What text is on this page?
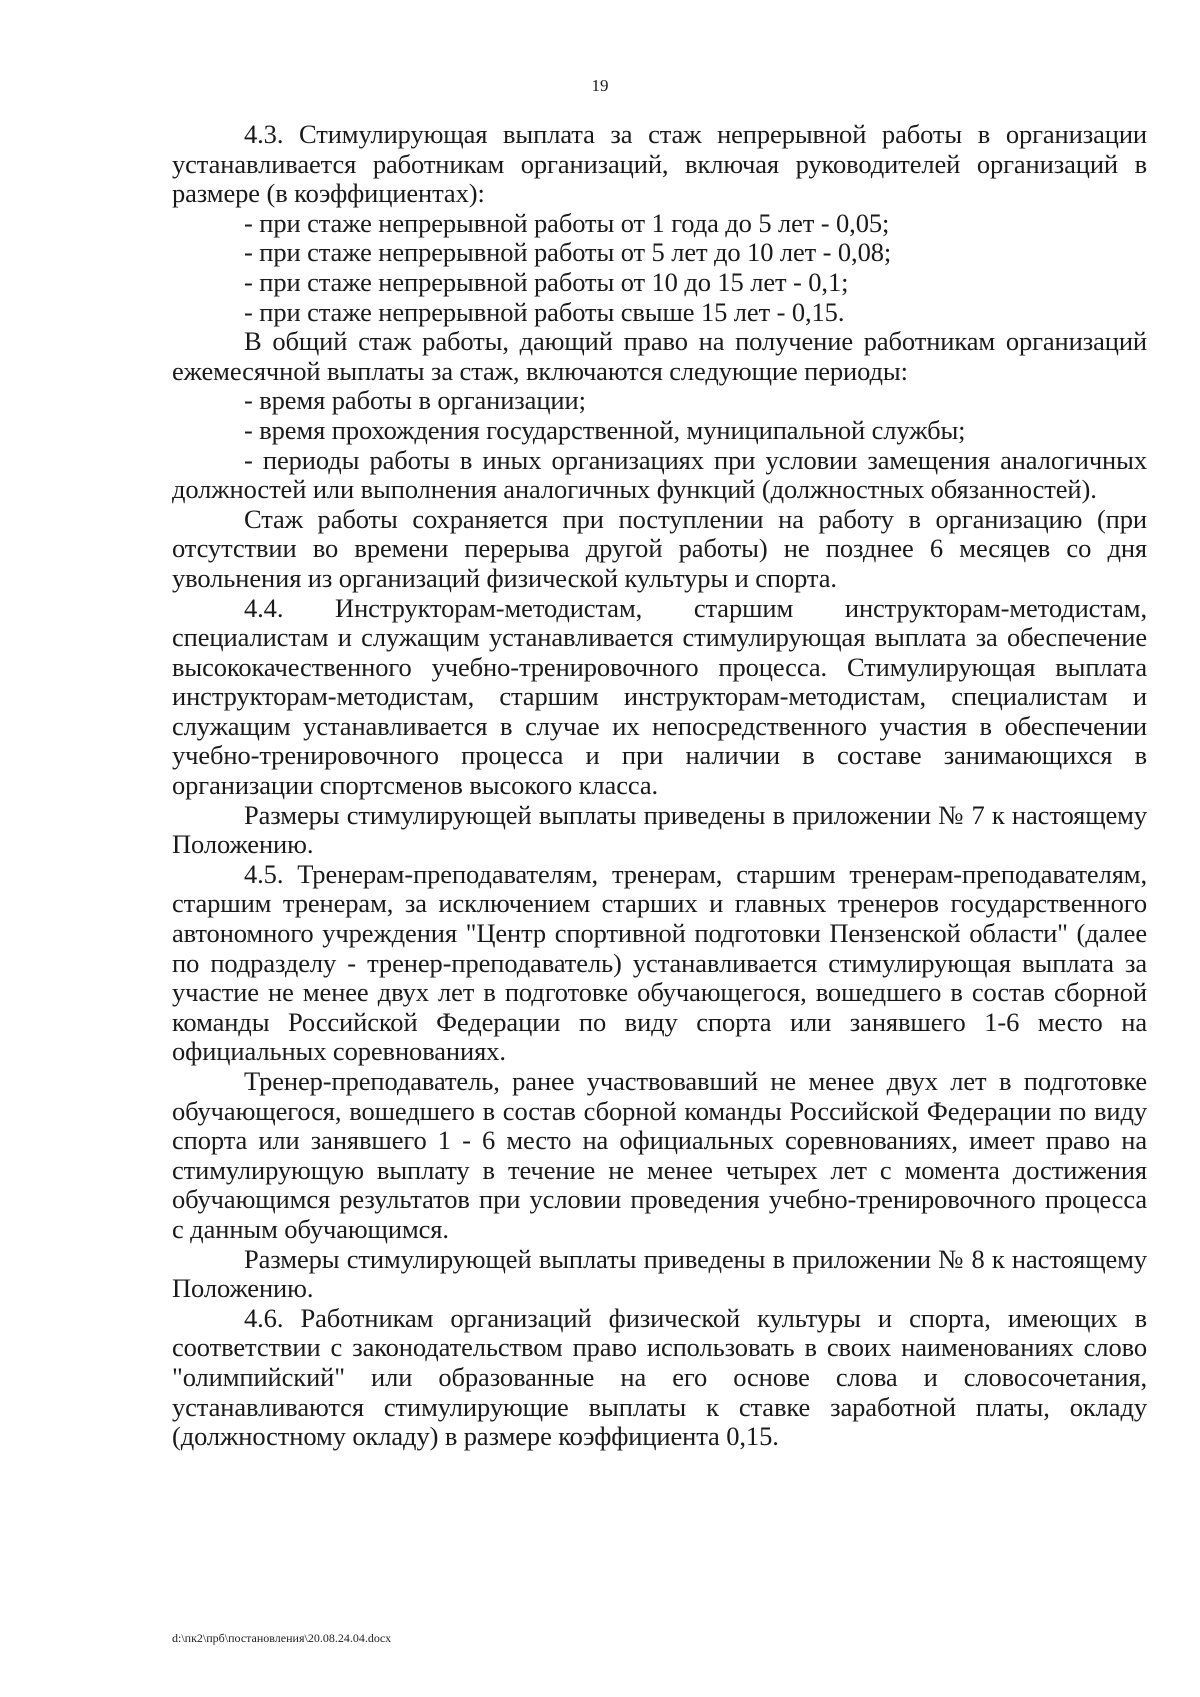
19

4.3. Стимулирующая выплата за стаж непрерывной работы в организации устанавливается работникам организаций, включая руководителей организаций в размере (в коэффициентах):

- при стаже непрерывной работы от 1 года до 5 лет - 0,05;

- при стаже непрерывной работы от 5 лет до 10 лет - 0,08;

- при стаже непрерывной работы от 10 до 15 лет - 0,1;

- при стаже непрерывной работы свыше 15 лет - 0,15.

В общий стаж работы, дающий право на получение работникам организаций ежемесячной выплаты за стаж, включаются следующие периоды:

- время работы в организации;

- время прохождения государственной, муниципальной службы;

- периоды работы в иных организациях при условии замещения аналогичных должностей или выполнения аналогичных функций (должностных обязанностей).

Стаж работы сохраняется при поступлении на работу в организацию (при отсутствии во времени перерыва другой работы) не позднее 6 месяцев со дня увольнения из организаций физической культуры и спорта.

4.4. Инструкторам-методистам, старшим инструкторам-методистам, специалистам и служащим устанавливается стимулирующая выплата за обеспечение высококачественного учебно-тренировочного процесса. Стимулирующая выплата инструкторам-методистам, старшим инструкторам-методистам, специалистам и служащим устанавливается в случае их непосредственного участия в обеспечении учебно-тренировочного процесса и при наличии в составе занимающихся в организации спортсменов высокого класса.

Размеры стимулирующей выплаты приведены в приложении № 7 к настоящему Положению.

4.5. Тренерам-преподавателям, тренерам, старшим тренерам-преподавателям, старшим тренерам, за исключением старших и главных тренеров государственного автономного учреждения "Центр спортивной подготовки Пензенской области" (далее по подразделу - тренер-преподаватель) устанавливается стимулирующая выплата за участие не менее двух лет в подготовке обучающегося, вошедшего в состав сборной команды Российской Федерации по виду спорта или занявшего 1-6 место на официальных соревнованиях.

Тренер-преподаватель, ранее участвовавший не менее двух лет в подготовке обучающегося, вошедшего в состав сборной команды Российской Федерации по виду спорта или занявшего 1 - 6 место на официальных соревнованиях, имеет право на стимулирующую выплату в течение не менее четырех лет с момента достижения обучающимся результатов при условии проведения учебно-тренировочного процесса с данным обучающимся.

Размеры стимулирующей выплаты приведены в приложении № 8 к настоящему Положению.

4.6. Работникам организаций физической культуры и спорта, имеющих в соответствии с законодательством право использовать в своих наименованиях слово "олимпийский" или образованные на его основе слова и словосочетания, устанавливаются стимулирующие выплаты к ставке заработной платы, окладу (должностному окладу) в размере коэффициента 0,15.

d:\пк2\прб\постановления\20.08.24.04.docx
